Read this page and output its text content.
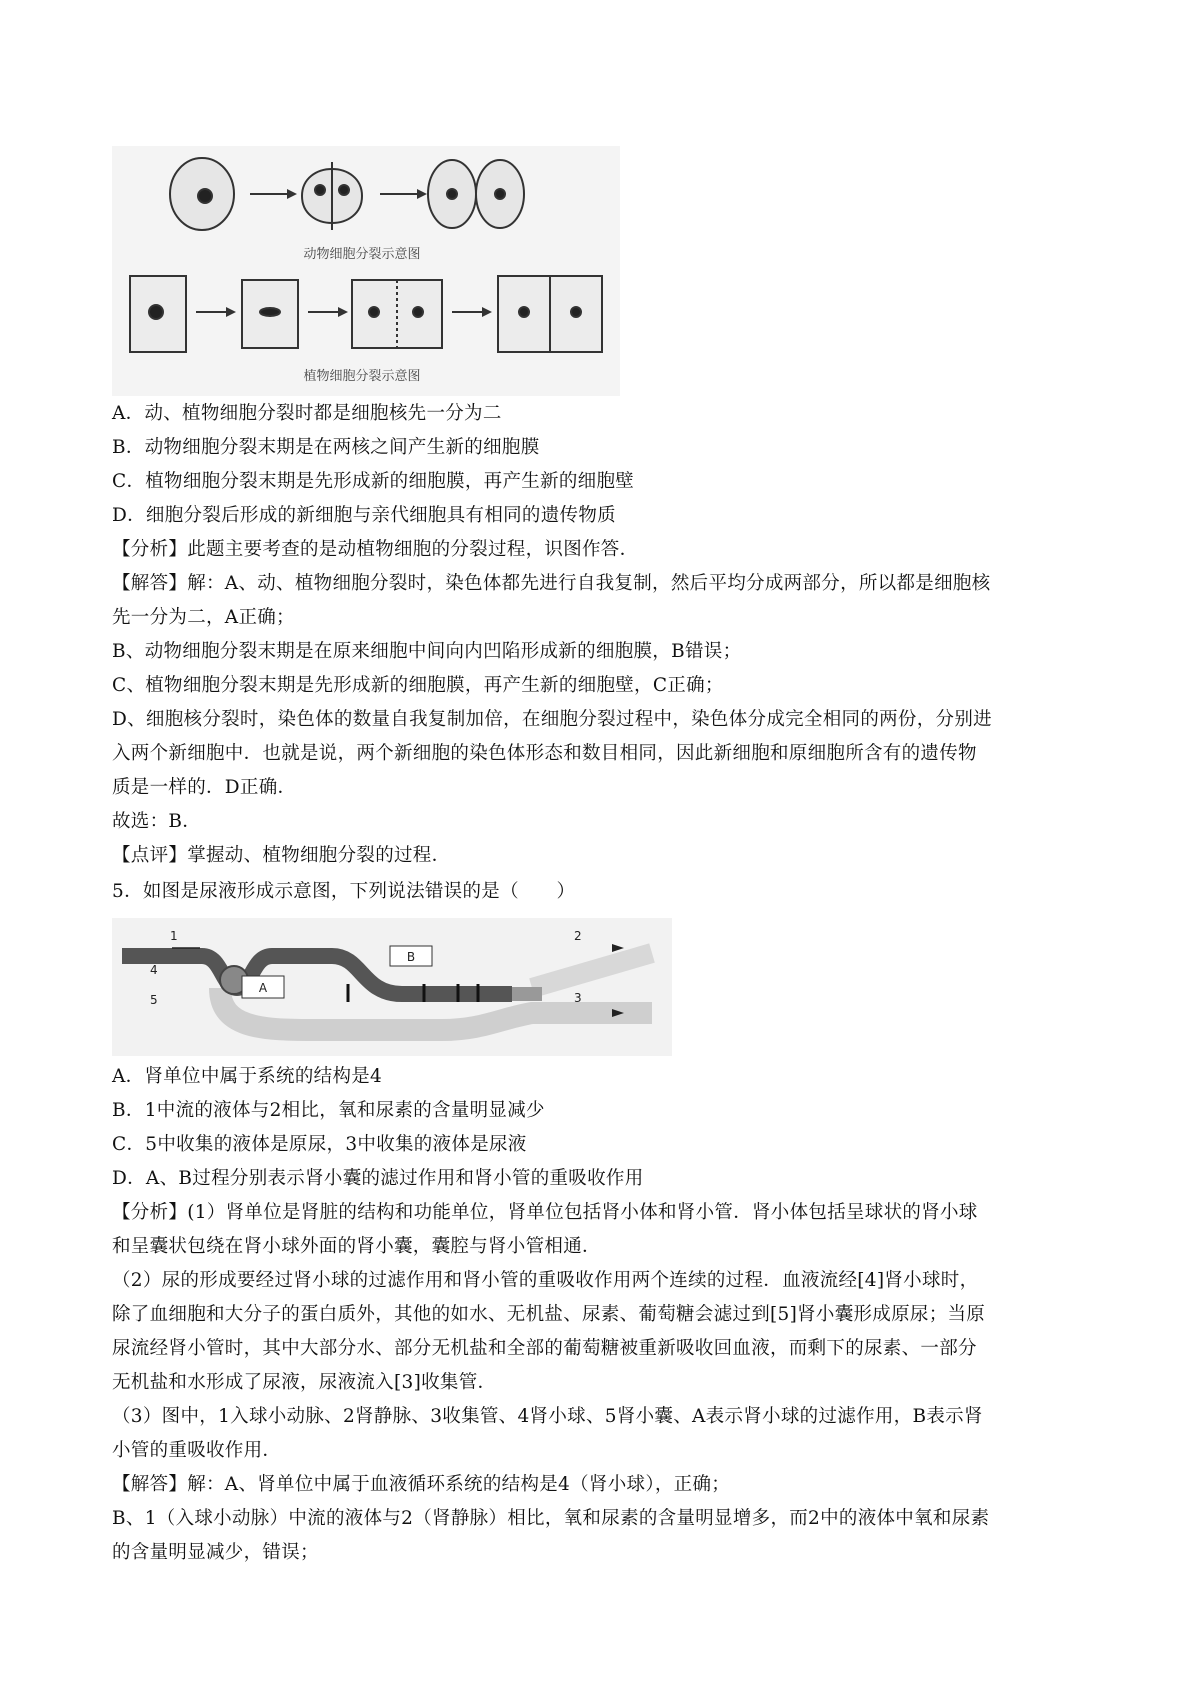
动物细胞分裂示意图
植物细胞分裂示意图
A．动、植物细胞分裂时都是细胞核先一分为二
B．动物细胞分裂末期是在两核之间产生新的细胞膜
C．植物细胞分裂末期是先形成新的细胞膜，再产生新的细胞壁
D．细胞分裂后形成的新细胞与亲代细胞具有相同的遗传物质
【分析】此题主要考查的是动植物细胞的分裂过程，识图作答．
【解答】解：A、动、植物细胞分裂时，染色体都先进行自我复制，然后平均分成两部分，所以都是细胞核
先一分为二，A正确；
B、动物细胞分裂末期是在原来细胞中间向内凹陷形成新的细胞膜，B错误；
C、植物细胞分裂末期是先形成新的细胞膜，再产生新的细胞壁，C正确；
D、细胞核分裂时，染色体的数量自我复制加倍，在细胞分裂过程中，染色体分成完全相同的两份，分别进
入两个新细胞中．也就是说，两个新细胞的染色体形态和数目相同，因此新细胞和原细胞所含有的遗传物
质是一样的．D正确．
故选：B．
【点评】掌握动、植物细胞分裂的过程．
5．如图是尿液形成示意图，下列说法错误的是（　　）
A
B
1
4
5
2
3
A．肾单位中属于系统的结构是4
B．1中流的液体与2相比，氧和尿素的含量明显减少
C．5中收集的液体是原尿，3中收集的液体是尿液
D．A、B过程分别表示肾小囊的滤过作用和肾小管的重吸收作用
【分析】(1）肾单位是肾脏的结构和功能单位，肾单位包括肾小体和肾小管．肾小体包括呈球状的肾小球
和呈囊状包绕在肾小球外面的肾小囊，囊腔与肾小管相通．
（2）尿的形成要经过肾小球的过滤作用和肾小管的重吸收作用两个连续的过程．血液流经[4]肾小球时，
除了血细胞和大分子的蛋白质外，其他的如水、无机盐、尿素、葡萄糖会滤过到[5]肾小囊形成原尿；当原
尿流经肾小管时，其中大部分水、部分无机盐和全部的葡萄糖被重新吸收回血液，而剩下的尿素、一部分
无机盐和水形成了尿液，尿液流入[3]收集管．
（3）图中，1入球小动脉、2肾静脉、3收集管、4肾小球、5肾小囊、A表示肾小球的过滤作用，B表示肾
小管的重吸收作用．
【解答】解：A、肾单位中属于血液循环系统的结构是4（肾小球），正确；
B、1（入球小动脉）中流的液体与2（肾静脉）相比，氧和尿素的含量明显增多，而2中的液体中氧和尿素
的含量明显减少，错误；
